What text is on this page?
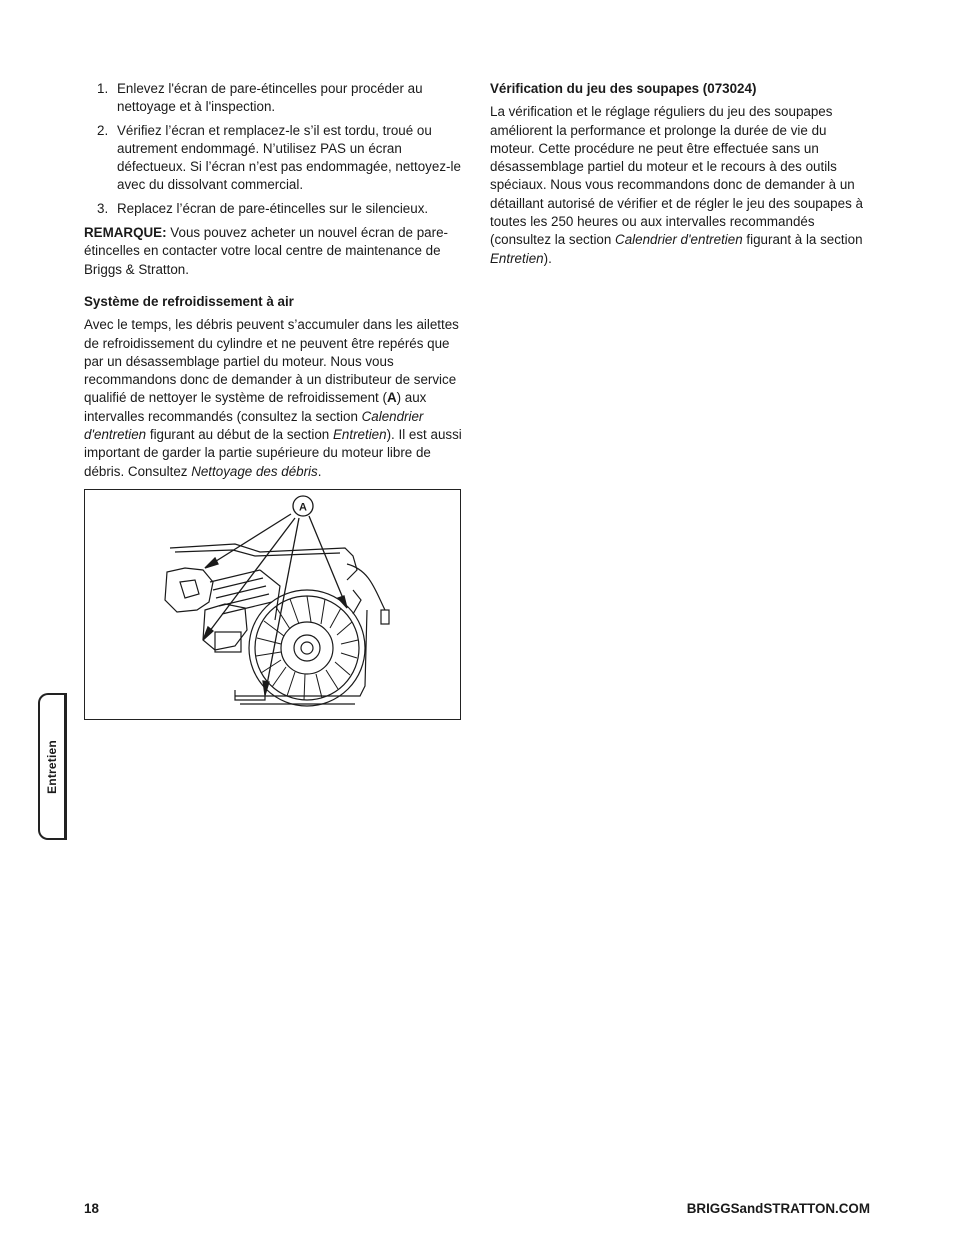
1. Enlevez l'écran de pare-étincelles pour procéder au nettoyage et à l'inspection.
2. Vérifiez l’écran et remplacez-le s’il est tordu, troué ou autrement endommagé. N’utilisez PAS un écran défectueux. Si l’écran n’est pas endommagée, nettoyez-le avec du dissolvant commercial.
3. Replacez l’écran de pare-étincelles sur le silencieux.

REMARQUE: Vous pouvez acheter un nouvel écran de pare-étincelles en contacter votre local centre de maintenance de Briggs & Stratton.

Système de refroidissement à air

Avec le temps, les débris peuvent s’accumuler dans les ailettes de refroidissement du cylindre et ne peuvent être repérés que par un désassemblage partiel du moteur. Nous vous recommandons donc de demander à un distributeur de service qualifié de nettoyer le système de refroidissement (A) aux intervalles recommandés (consultez la section Calendrier d'entretien figurant au début de la section Entretien). Il est aussi important de garder la partie supérieure du moteur libre de débris. Consultez Nettoyage des débris.

A
Vérification du jeu des soupapes (073024)

La vérification et le réglage réguliers du jeu des soupapes améliorent la performance et prolonge la durée de vie du moteur. Cette procédure ne peut être effectuée sans un désassemblage partiel du moteur et le recours à des outils spéciaux. Nous vous recommandons donc de demander à un détaillant autorisé de vérifier et de régler le jeu des soupapes à toutes les 250 heures ou aux intervalles recommandés (consultez la section Calendrier d'entretien figurant à la section Entretien).

Entretien
18	BRIGGSandSTRATTON.COM
